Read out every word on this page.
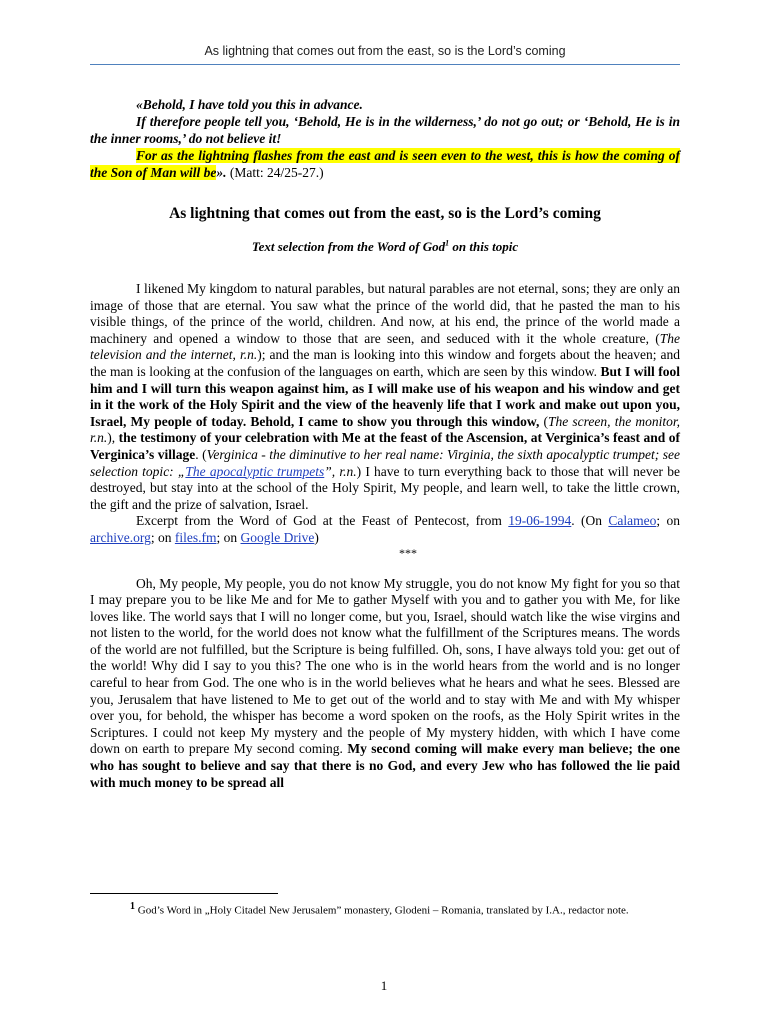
As lightning that comes out from the east, so is the Lord’s coming

«Behold, I have told you this in advance.

If therefore people tell you, ‘Behold, He is in the wilderness,’ do not go out; or ‘Behold, He is in the inner rooms,’ do not believe it!

For as the lightning flashes from the east and is seen even to the west, this is how the coming of the Son of Man will be». (Matt: 24/25-27.)

As lightning that comes out from the east, so is the Lord’s coming
Text selection from the Word of God$^1$ on this topic

I likened My kingdom to natural parables, but natural parables are not eternal, sons; they are only an image of those that are eternal. You saw what the prince of the world did, that he pasted the man to his visible things, of the prince of the world, children. And now, at his end, the prince of the world made a machinery and opened a window to those that are seen, and seduced with it the whole creature, (The television and the internet, r.n.); and the man is looking into this window and forgets about the heaven; and the man is looking at the confusion of the languages on earth, which are seen by this window. But I will fool him and I will turn this weapon against him, as I will make use of his weapon and his window and get in it the work of the Holy Spirit and the view of the heavenly life that I work and make out upon you, Israel, My people of today. Behold, I came to show you through this window, (The screen, the monitor, r.n.), the testimony of your celebration with Me at the feast of the Ascension, at Verginica’s feast and of Verginica’s village. (Verginica - the diminutive to her real name: Virginia, the sixth apocalyptic trumpet; see selection topic: „The apocalyptic trumpets”, r.n.) I have to turn everything back to those that will never be destroyed, but stay into at the school of the Holy Spirit, My people, and learn well, to take the little crown, the gift and the prize of salvation, Israel.

Excerpt from the Word of God at the Feast of Pentecost, from 19-06-1994. (On Calameo; on archive.org; on files.fm; on Google Drive)

***

Oh, My people, My people, you do not know My struggle, you do not know My fight for you so that I may prepare you to be like Me and for Me to gather Myself with you and to gather you with Me, for like loves like. The world says that I will no longer come, but you, Israel, should watch like the wise virgins and not listen to the world, for the world does not know what the fulfillment of the Scriptures means. The words of the world are not fulfilled, but the Scripture is being fulfilled. Oh, sons, I have always told you: get out of the world! Why did I say to you this? The one who is in the world hears from the world and is no longer careful to hear from God. The one who is in the world believes what he hears and what he sees. Blessed are you, Jerusalem that have listened to Me to get out of the world and to stay with Me and with My whisper over you, for behold, the whisper has become a word spoken on the roofs, as the Holy Spirit writes in the Scriptures. I could not keep My mystery and the people of My mystery hidden, with which I have come down on earth to prepare My second coming. My second coming will make every man believe; the one who has sought to believe and say that there is no God, and every Jew who has followed the lie paid with much money to be spread all

$^1$ God’s Word in „Holy Citadel New Jerusalem” monastery, Glodeni – Romania, translated by I.A., redactor note.
1
